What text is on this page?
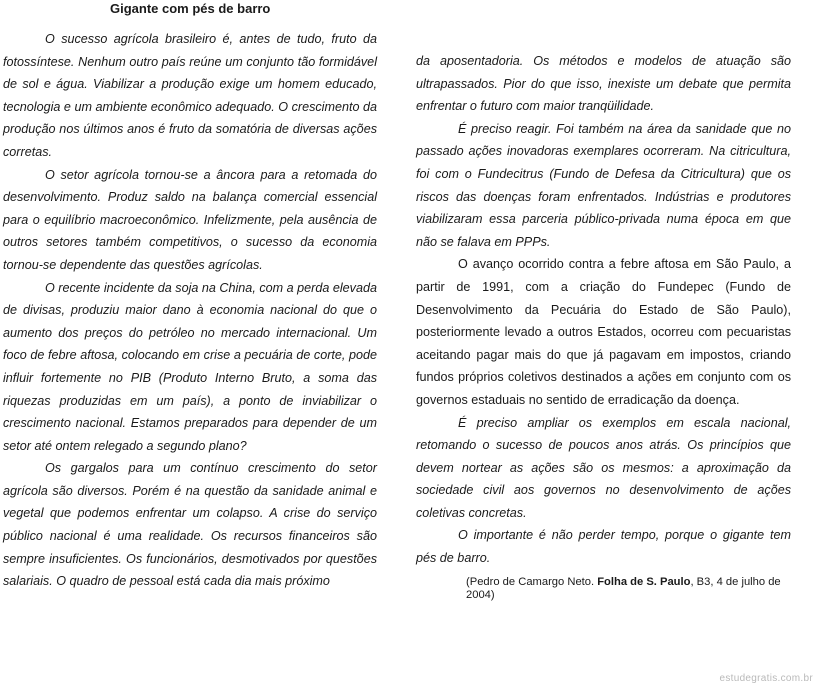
Gigante com pés de barro

O sucesso agrícola brasileiro é, antes de tudo, fruto da fotossíntese. Nenhum outro país reúne um conjunto tão formidável de sol e água. Viabilizar a produção exige um homem educado, tecnologia e um ambiente econômico adequado. O crescimento da produção nos últimos anos é fruto da somatória de diversas ações corretas.

O setor agrícola tornou-se a âncora para a retomada do desenvolvimento. Produz saldo na balança comercial essencial para o equilíbrio macroeconômico. Infelizmente, pela ausência de outros setores também competitivos, o sucesso da economia tornou-se dependente das questões agrícolas.

O recente incidente da soja na China, com a perda elevada de divisas, produziu maior dano à economia nacional do que o aumento dos preços do petróleo no mercado internacional. Um foco de febre aftosa, colocando em crise a pecuária de corte, pode influir fortemente no PIB (Produto Interno Bruto, a soma das riquezas produzidas em um país), a ponto de inviabilizar o crescimento nacional. Estamos preparados para depender de um setor até ontem relegado a segundo plano?

Os gargalos para um contínuo crescimento do setor agrícola são diversos. Porém é na questão da sanidade animal e vegetal que podemos enfrentar um colapso. A crise do serviço público nacional é uma realidade. Os recursos financeiros são sempre insuficientes. Os funcionários, desmotivados por questões salariais. O quadro de pessoal está cada dia mais próximo

da aposentadoria. Os métodos e modelos de atuação são ultrapassados. Pior do que isso, inexiste um debate que permita enfrentar o futuro com maior tranqüilidade.

É preciso reagir. Foi também na área da sanidade que no passado ações inovadoras exemplares ocorreram. Na citricultura, foi com o Fundecitrus (Fundo de Defesa da Citricultura) que os riscos das doenças foram enfrentados. Indústrias e produtores viabilizaram essa parceria público-privada numa época em que não se falava em PPPs.

O avanço ocorrido contra a febre aftosa em São Paulo, a partir de 1991, com a criação do Fundepec (Fundo de Desenvolvimento da Pecuária do Estado de São Paulo), posteriormente levado a outros Estados, ocorreu com pecuaristas aceitando pagar mais do que já pagavam em impostos, criando fundos próprios coletivos destinados a ações em conjunto com os governos estaduais no sentido de erradicação da doença.

É preciso ampliar os exemplos em escala nacional, retomando o sucesso de poucos anos atrás. Os princípios que devem nortear as ações são os mesmos: a aproximação da sociedade civil aos governos no desenvolvimento de ações coletivas concretas.

O importante é não perder tempo, porque o gigante tem pés de barro.

(Pedro de Camargo Neto. Folha de S. Paulo, B3, 4 de julho de 2004)
estudegratis.com.br
